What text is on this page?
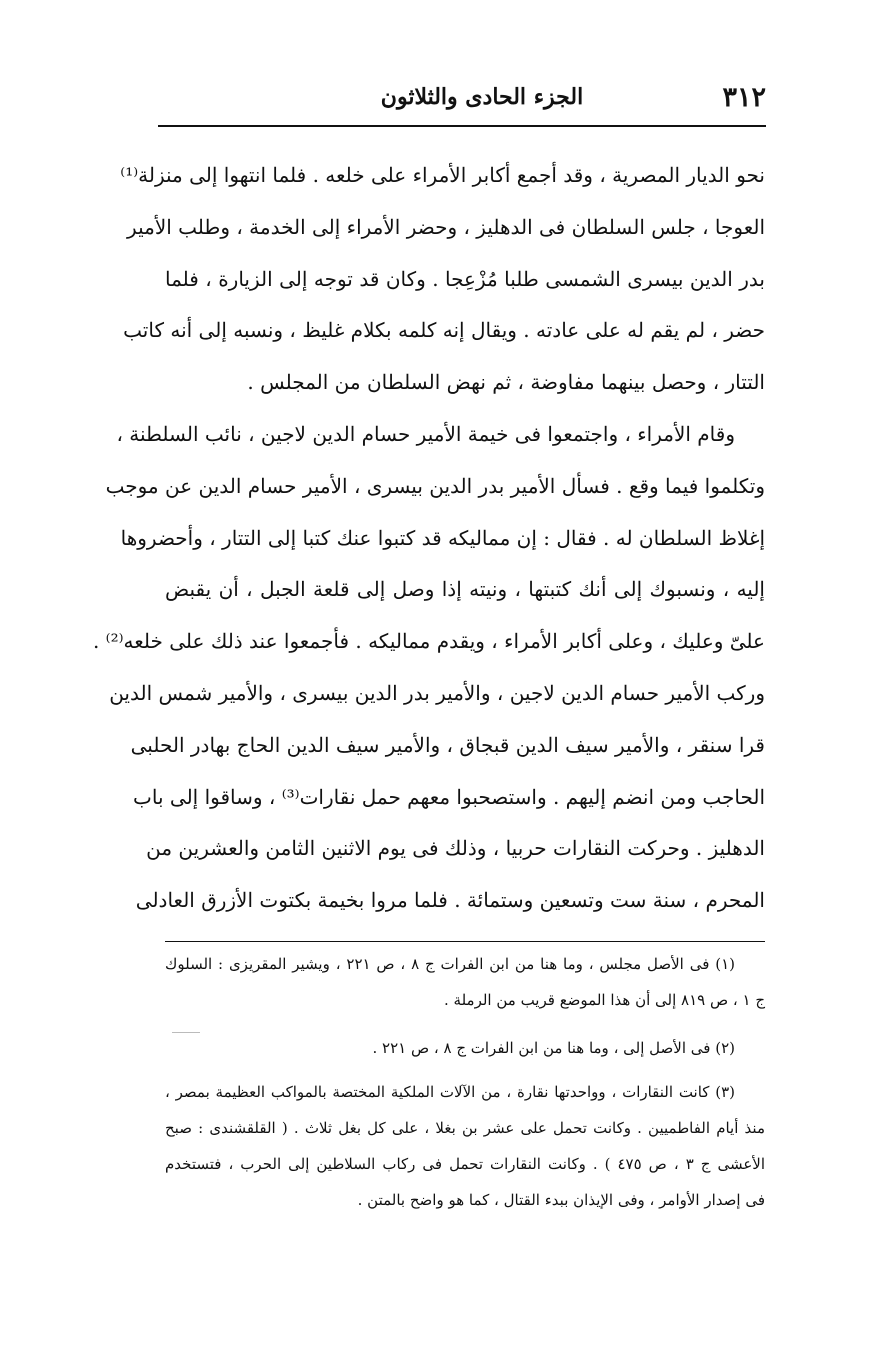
٣١٢
الجزء الحادى والثلاثون
نحو الديار المصرية ، وقد أجمع أكابر الأمراء على خلعه . فلما انتهوا إلى منزلة⁽¹⁾
العوجا ، جلس السلطان فى الدهليز ، وحضر الأمراء إلى الخدمة ، وطلب الأمير
بدر الدين بيسرى الشمسى طلبا مُزْعِجا . وكان قد توجه إلى الزيارة ، فلما
حضر ، لم يقم له على عادته . ويقال إنه كلمه بكلام غليظ ، ونسبه إلى أنه كاتب
التتار ، وحصل بينهما مفاوضة ، ثم نهض السلطان من المجلس .
وقام الأمراء ، واجتمعوا فى خيمة الأمير حسام الدين لاجين ، نائب السلطنة ،
وتكلموا فيما وقع . فسأل الأمير بدر الدين بيسرى ، الأمير حسام الدين عن موجب
إغلاظ السلطان له . فقال : إن مماليكه قد كتبوا عنك كتبا إلى التتار ، وأحضروها
إليه ، ونسبوك إلى أنك كتبتها ، ونيته إذا وصل إلى قلعة الجبل ، أن يقبض
علىّ وعليك ، وعلى أكابر الأمراء ، ويقدم مماليكه . فأجمعوا عند ذلك على خلعه⁽²⁾ .
وركب الأمير حسام الدين لاجين ، والأمير بدر الدين بيسرى ، والأمير شمس الدين
قرا سنقر ، والأمير سيف الدين قبجاق ، والأمير سيف الدين الحاج بهادر الحلبى
الحاجب ومن انضم إليهم . واستصحبوا معهم حمل نقارات⁽³⁾ ، وساقوا إلى باب
الدهليز . وحركت النقارات حربيا ، وذلك فى يوم الاثنين الثامن والعشرين من
المحرم ، سنة ست وتسعين وستمائة . فلما مروا بخيمة بكتوت الأزرق العادلى
(١) فى الأصل مجلس ، وما هنا من ابن الفرات ج ٨ ، ص ٢٢١ ، ويشير المقريزى : السلوك
ج ١ ، ص ٨١٩ إلى أن هذا الموضع قريب من الرملة .
(٢) فى الأصل إلى ، وما هنا من ابن الفرات ج ٨ ، ص ٢٢١ .
(٣) كانت النقارات ، وواحدتها نقارة ، من الآلات الملكية المختصة بالمواكب العظيمة بمصر ،
منذ أيام الفاطميين . وكانت تحمل على عشر بن بغلا ، على كل بغل ثلاث . ( القلقشندى : صبح
الأعشى ج ٣ ، ص ٤٧٥ ) . وكانت النقارات تحمل فى ركاب السلاطين إلى الحرب ، فتستخدم
فى إصدار الأوامر ، وفى الإيذان ببدء القتال ، كما هو واضح بالمتن .
